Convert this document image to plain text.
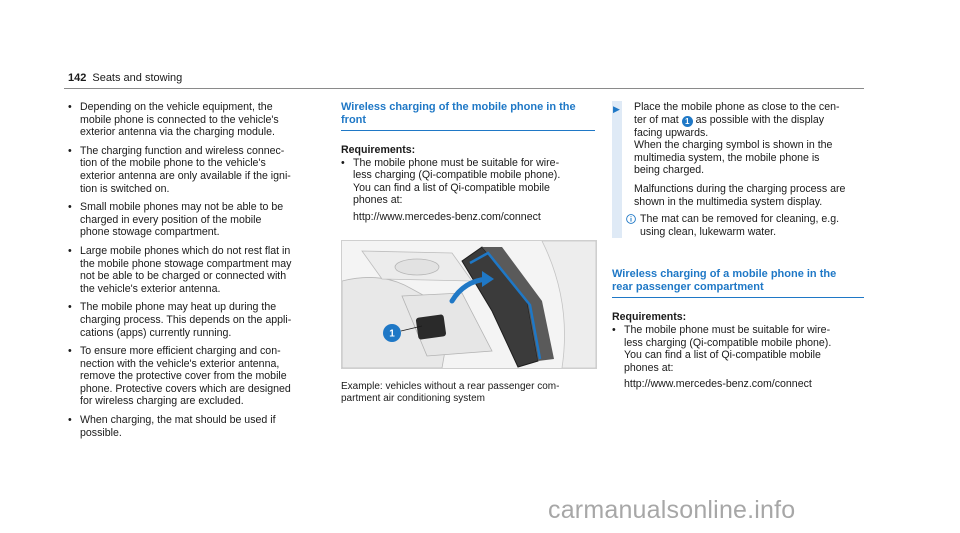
142 Seats and stowing
• Depending on the vehicle equipment, the
mobile phone is connected to the vehicle's
exterior antenna via the charging module.
• The charging function and wireless connec-
tion of the mobile phone to the vehicle's
exterior antenna are only available if the igni-
tion is switched on.
• Small mobile phones may not be able to be
charged in every position of the mobile
phone stowage compartment.
• Large mobile phones which do not rest flat in
the mobile phone stowage compartment may
not be able to be charged or connected with
the vehicle's exterior antenna.
• The mobile phone may heat up during the
charging process. This depends on the appli-
cations (apps) currently running.
• To ensure more efficient charging and con-
nection with the vehicle's exterior antenna,
remove the protective cover from the mobile
phone. Protective covers which are designed
for wireless charging are excluded.
• When charging, the mat should be used if
possible.
Wireless charging of the mobile phone in the
front
Requirements:
• The mobile phone must be suitable for wire-
less charging (Qi-compatible mobile phone).
You can find a list of Qi-compatible mobile
phones at:
http://www.mercedes-benz.com/connect
1
Example: vehicles without a rear passenger com-
partment air conditioning system
▶	Place the mobile phone as close to the cen-
ter of mat 1 as possible with the display
facing upwards.
When the charging symbol is shown in the
multimedia system, the mobile phone is
being charged.
Malfunctions during the charging process are
shown in the multimedia system display.
The mat can be removed for cleaning, e.g.
using clean, lukewarm water.
Wireless charging of a mobile phone in the
rear passenger compartment
Requirements:
• The mobile phone must be suitable for wire-
less charging (Qi-compatible mobile phone).
You can find a list of Qi-compatible mobile
phones at:
http://www.mercedes-benz.com/connect
carmanualsonline.info
